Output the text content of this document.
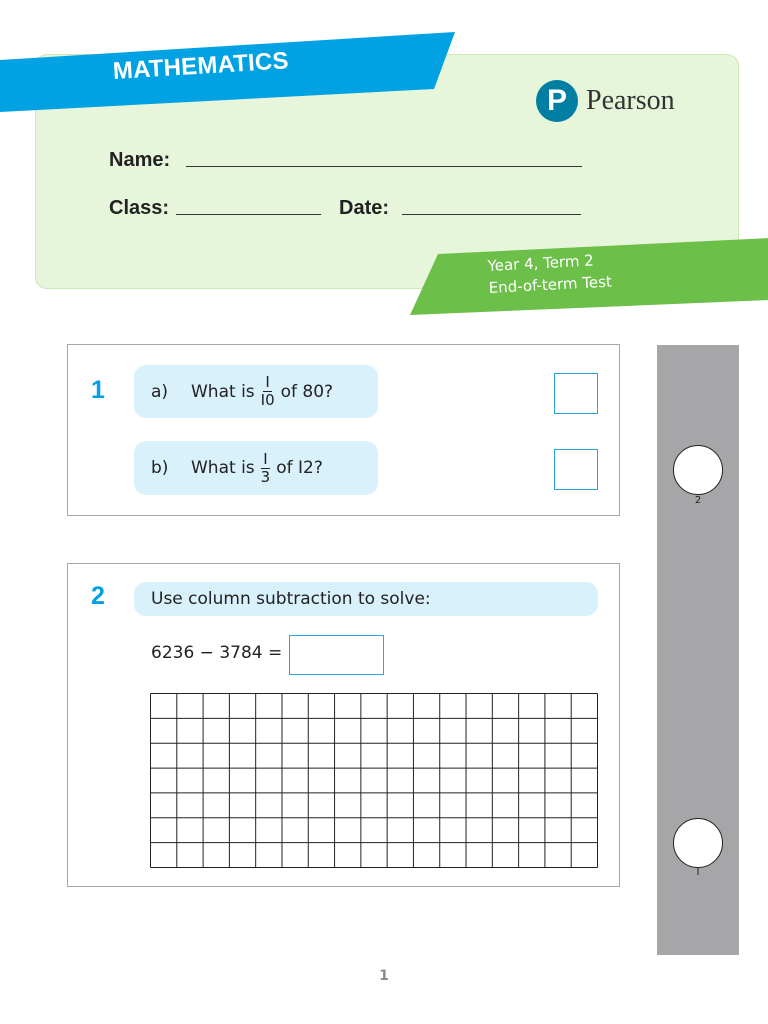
MATHEMATICS
P Pearson
Name:
Class:	Date:
Year 4, Term 2
End-of-term Test
2
I
1	a)	What is $\frac{I}{I0}$ of 80?
b)	What is $\frac{I}{3}$ of I2?
2	Use column subtraction to solve:
6236 − 3784 =
1
